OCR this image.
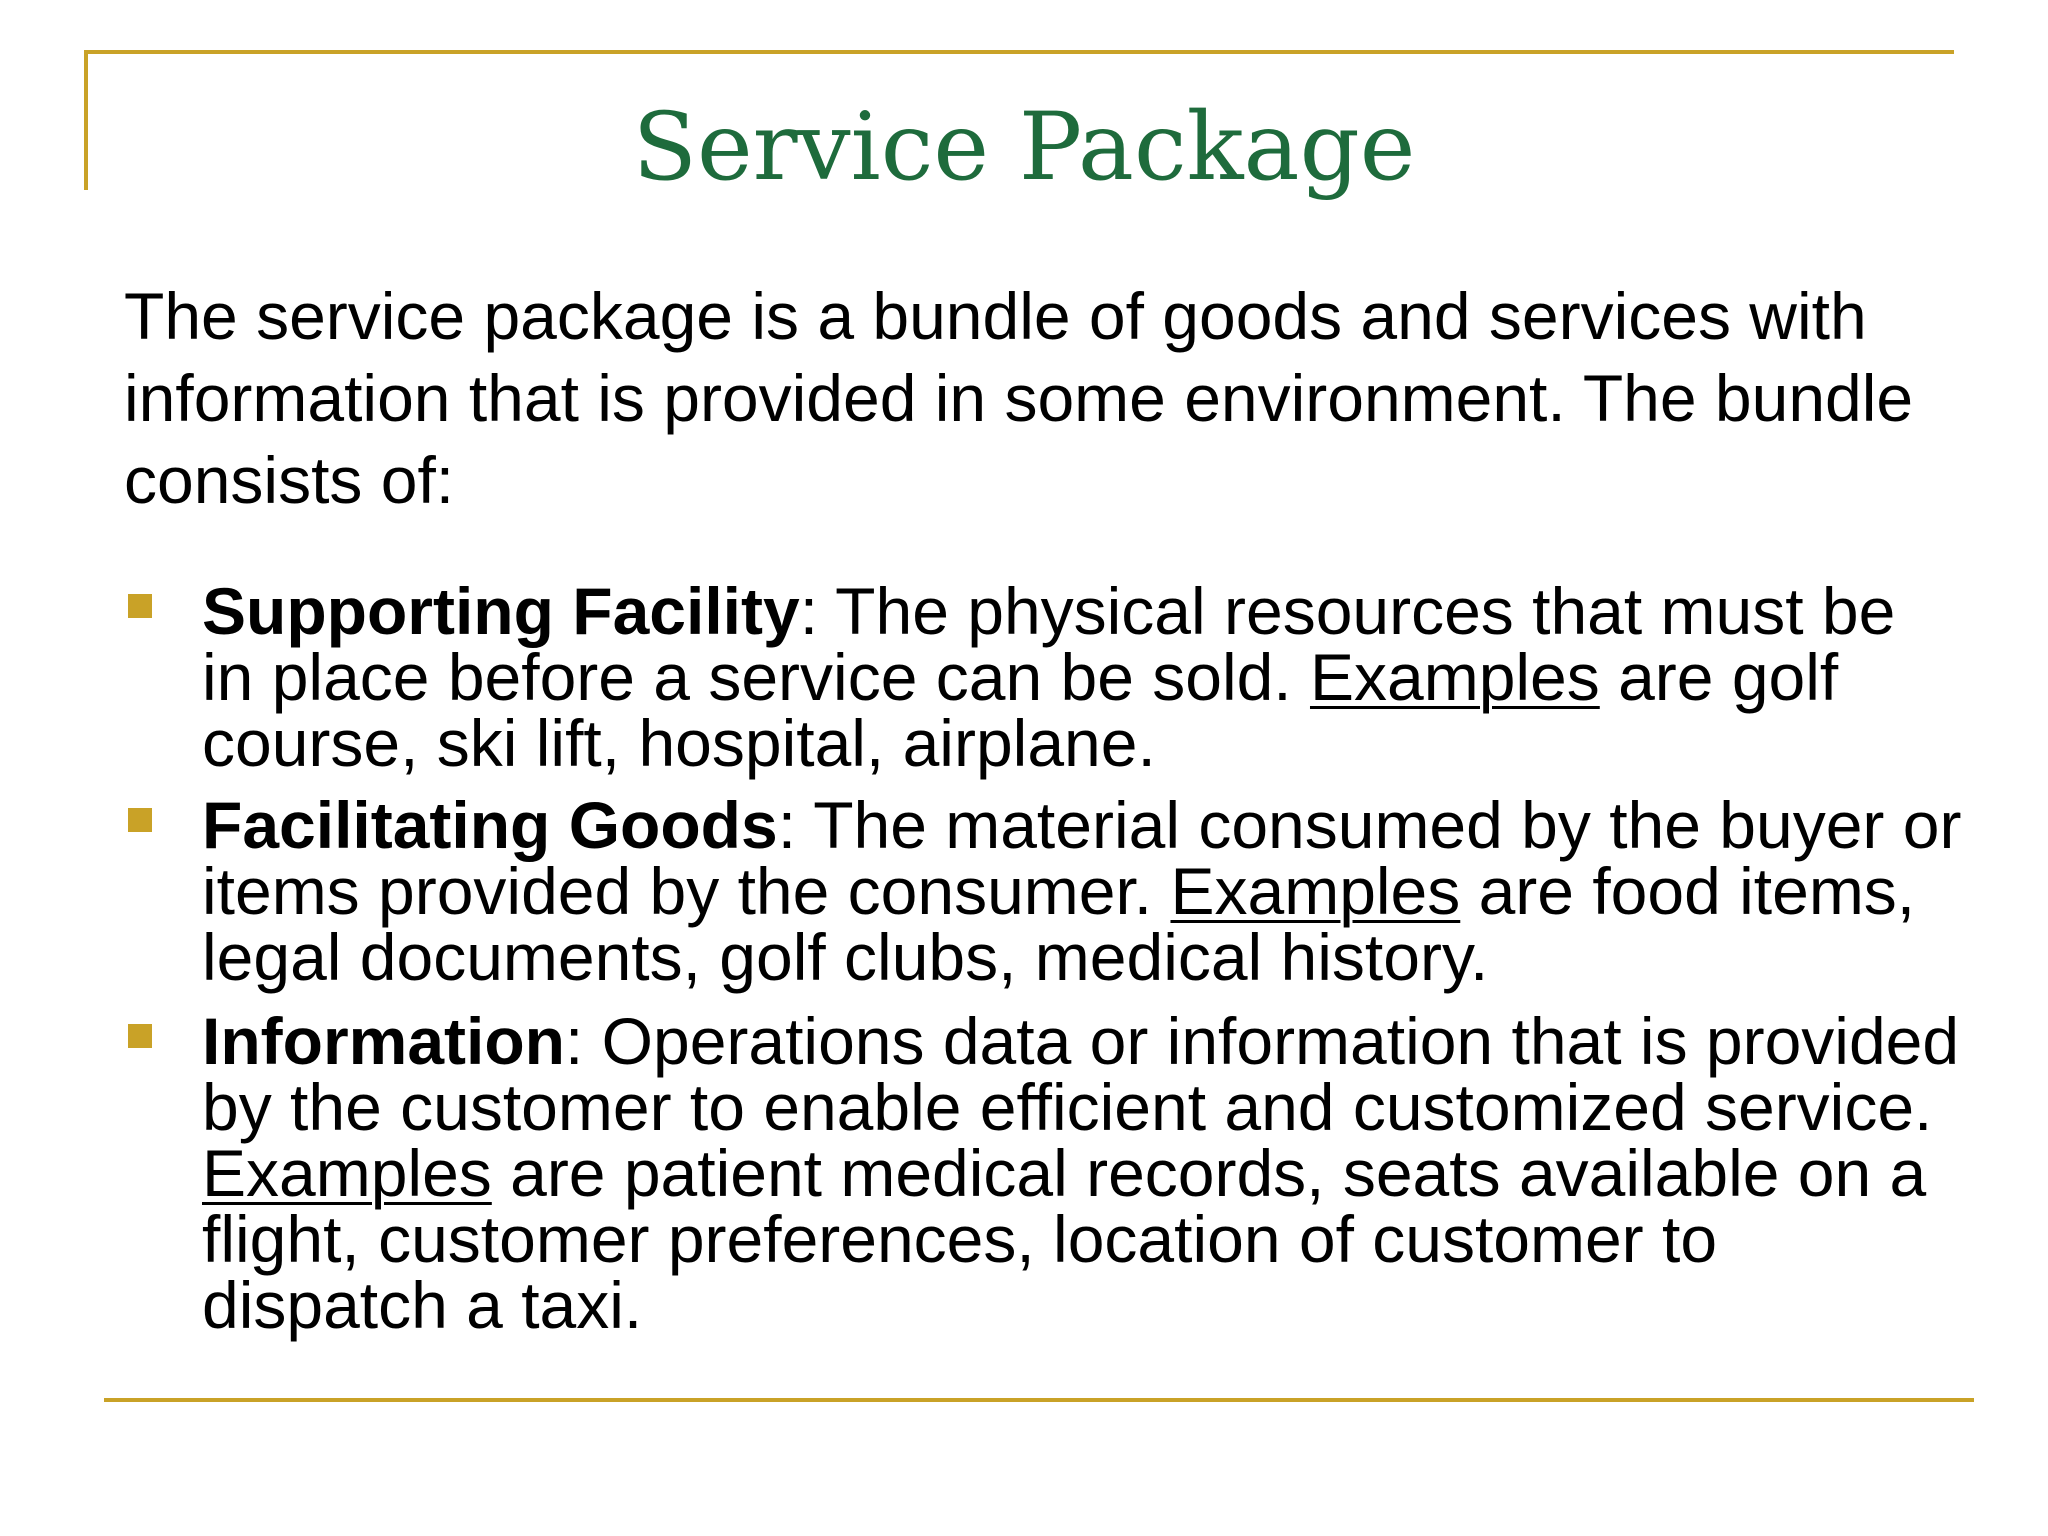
Service Package

The service package is a bundle of goods and services with information that is provided in some environment. The bundle consists of:

Supporting Facility: The physical resources that must be in place before a service can be sold. Examples are golf course, ski lift, hospital, airplane.
Facilitating Goods: The material consumed by the buyer or items provided by the consumer. Examples are food items, legal documents, golf clubs, medical history.
Information: Operations data or information that is provided by the customer to enable efficient and customized service. Examples are patient medical records, seats available on a flight, customer preferences, location of customer to dispatch a taxi.
